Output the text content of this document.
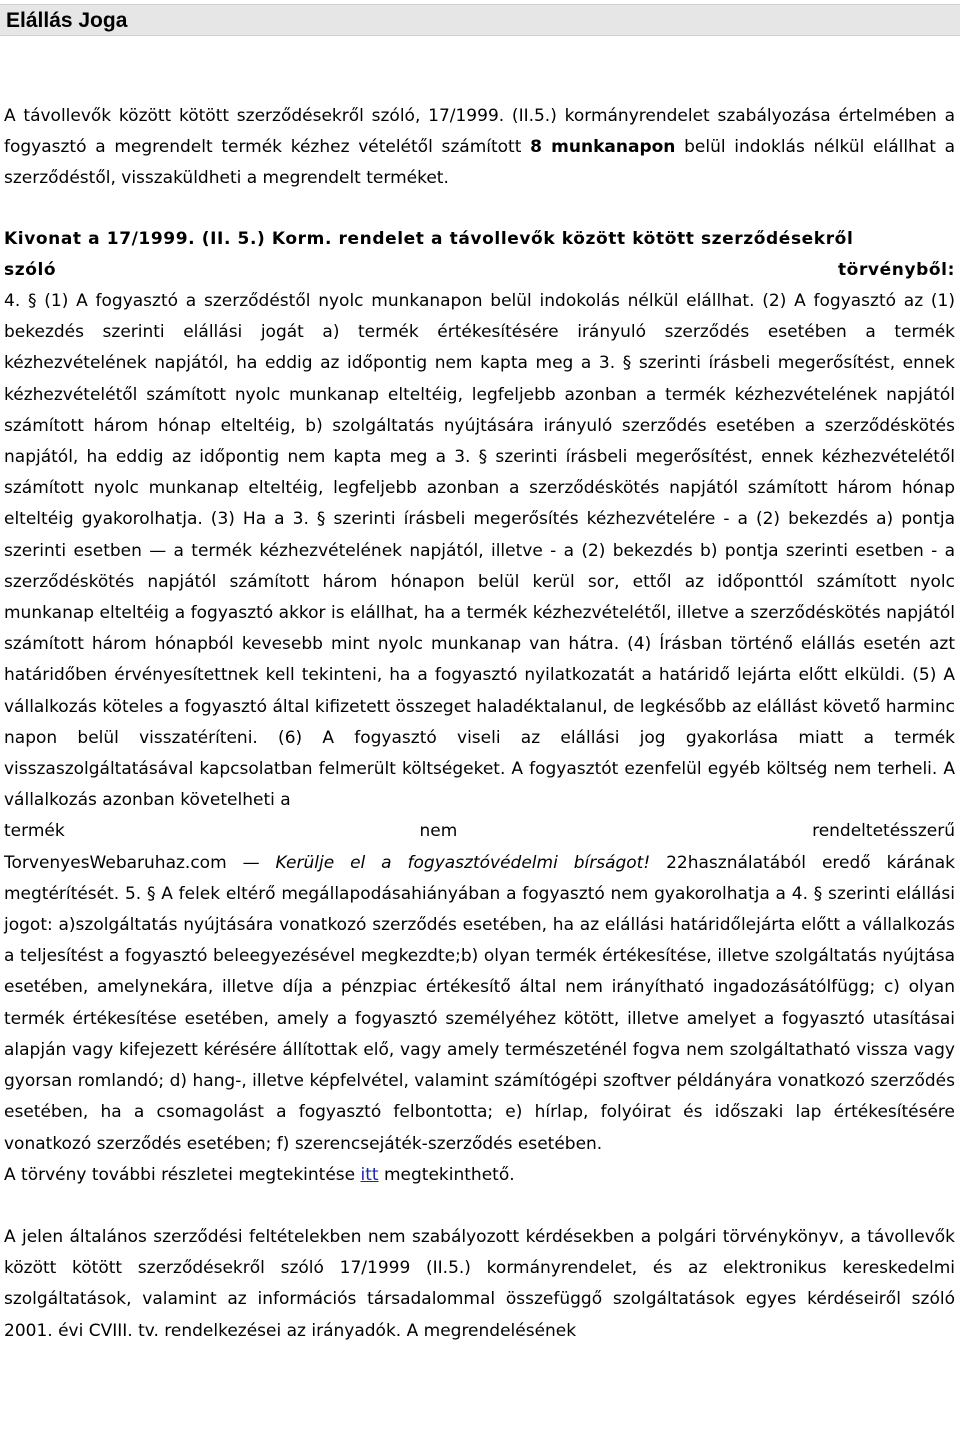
Elállás Joga

A távollevők között kötött szerződésekről szóló, 17/1999. (II.5.) kormányrendelet szabályozása értelmében a fogyasztó a megrendelt termék kézhez vételétől számított 8 munkanapon belül indoklás nélkül elállhat a szerződéstől, visszaküldheti a megrendelt terméket.

Kivonat a 17/1999. (II. 5.) Korm. rendelet a távollevők között kötött szerződésekről

szóló	törvényből:
4. § (1) A fogyasztó a szerződéstől nyolc munkanapon belül indokolás nélkül elállhat. (2) A fogyasztó az (1) bekezdés szerinti elállási jogát a) termék értékesítésére irányuló szerződés esetében a termék kézhezvételének napjától, ha eddig az időpontig nem kapta meg a 3. § szerinti írásbeli megerősítést, ennek kézhezvételétől számított nyolc munkanap elteltéig, legfeljebb azonban a termék kézhezvételének napjától számított három hónap elteltéig, b) szolgáltatás nyújtására irányuló szerződés esetében a szerződéskötés napjától, ha eddig az időpontig nem kapta meg a 3. § szerinti írásbeli megerősítést, ennek kézhezvételétől számított nyolc munkanap elteltéig, legfeljebb azonban a szerződéskötés napjától számított három hónap elteltéig gyakorolhatja. (3) Ha a 3. § szerinti írásbeli megerősítés kézhezvételére - a (2) bekezdés a) pontja szerinti esetben — a termék kézhezvételének napjától, illetve - a (2) bekezdés b) pontja szerinti esetben - a szerződéskötés napjától számított három hónapon belül kerül sor, ettől az időponttól számított nyolc munkanap elteltéig a fogyasztó akkor is elállhat, ha a termék kézhezvételétől, illetve a szerződéskötés napjától számított három hónapból kevesebb mint nyolc munkanap van hátra. (4) Írásban történő elállás esetén azt határidőben érvényesítettnek kell tekinteni, ha a fogyasztó nyilatkozatát a határidő lejárta előtt elküldi. (5) A vállalkozás köteles a fogyasztó által kifizetett összeget haladéktalanul, de legkésőbb az elállást követő harminc napon belül visszatéríteni. (6) A fogyasztó viseli az elállási jog gyakorlása miatt a termék visszaszolgáltatásával kapcsolatban felmerült költségeket. A fogyasztót ezenfelül egyéb költség nem terheli. A vállalkozás azonban követelheti a
termék	nem	rendeltetésszerű
TorvenyesWebaruhaz.com — Kerülje el a fogyasztóvédelmi bírságot! 22használatából eredő kárának megtérítését. 5. § A felek eltérő megállapodásahiányában a fogyasztó nem gyakorolhatja a 4. § szerinti elállási jogot: a)szolgáltatás nyújtására vonatkozó szerződés esetében, ha az elállási határidőlejárta előtt a vállalkozás a teljesítést a fogyasztó beleegyezésével megkezdte;b) olyan termék értékesítése, illetve szolgáltatás nyújtása esetében, amelynekára, illetve díja a pénzpiac értékesítő által nem irányítható ingadozásátólfügg; c) olyan termék értékesítése esetében, amely a fogyasztó személyéhez kötött, illetve amelyet a fogyasztó utasításai alapján vagy kifejezett kérésére állítottak elő, vagy amely természeténél fogva nem szolgáltatható vissza vagy gyorsan romlandó; d) hang-, illetve képfelvétel, valamint számítógépi szoftver példányára vonatkozó szerződés esetében, ha a csomagolást a fogyasztó felbontotta; e) hírlap, folyóirat és időszaki lap értékesítésére vonatkozó szerződés esetében; f) szerencsejáték-szerződés esetében.
A törvény további részletei megtekintése itt megtekinthető.

A jelen általános szerződési feltételekben nem szabályozott kérdésekben a polgári törvénykönyv, a távollevők között kötött szerződésekről szóló 17/1999 (II.5.) kormányrendelet, és az elektronikus kereskedelmi szolgáltatások, valamint az információs társadalommal összefüggő szolgáltatások egyes kérdéseiről szóló 2001. évi CVIII. tv. rendelkezései az irányadók. A megrendelésének
